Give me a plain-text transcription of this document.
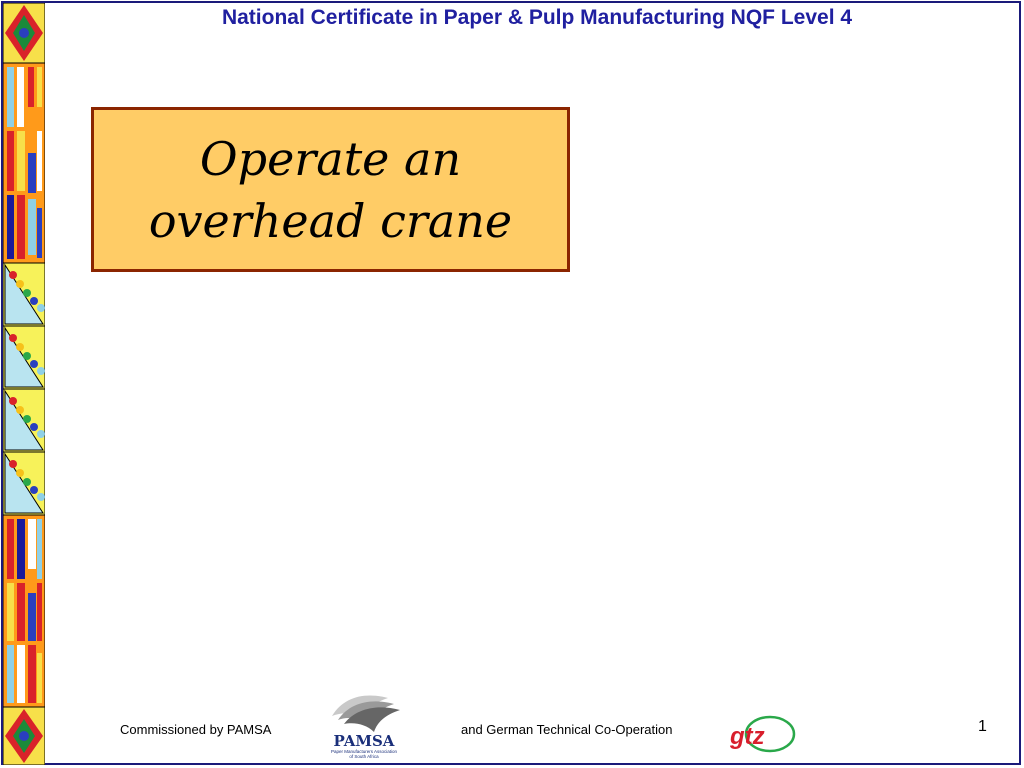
National Certificate in Paper & Pulp Manufacturing NQF Level 4
Operate an
overhead crane
Commissioned by PAMSA
PAMSA
Paper Manufacturers Association
of South Africa
and German Technical Co-Operation gtz	1
